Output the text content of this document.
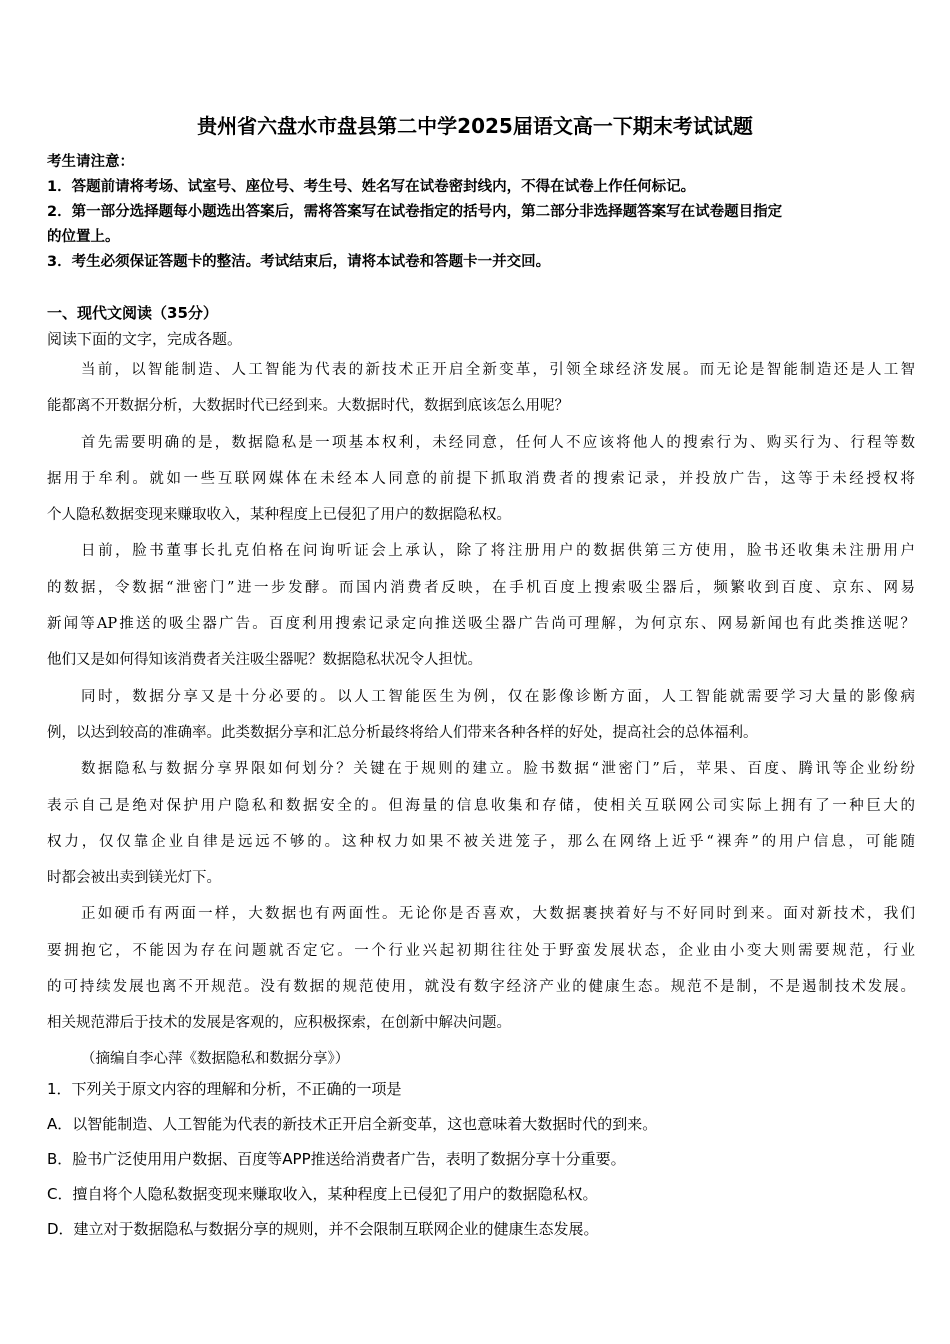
贵州省六盘水市盘县第二中学2025届语文高一下期末考试试题
考生请注意：
1．答题前请将考场、试室号、座位号、考生号、姓名写在试卷密封线内，不得在试卷上作任何标记。
2．第一部分选择题每小题选出答案后，需将答案写在试卷指定的括号内，第二部分非选择题答案写在试卷题目指定
的位置上。
3．考生必须保证答题卡的整洁。考试结束后，请将本试卷和答题卡一并交回。
一、现代文阅读（35分）
阅读下面的文字，完成各题。
当前，以智能制造、人工智能为代表的新技术正开启全新变革，引领全球经济发展。而无论是智能制造还是人工智
能都离不开数据分析，大数据时代已经到来。大数据时代，数据到底该怎么用呢？
首先需要明确的是，数据隐私是一项基本权利，未经同意，任何人不应该将他人的搜索行为、购买行为、行程等数
据用于牟利。就如一些互联网媒体在未经本人同意的前提下抓取消费者的搜索记录，并投放广告，这等于未经授权将
个人隐私数据变现来赚取收入，某种程度上已侵犯了用户的数据隐私权。
日前，脸书董事长扎克伯格在问询听证会上承认，除了将注册用户的数据供第三方使用，脸书还收集未注册用户
的数据，令数据“泄密门”进一步发酵。而国内消费者反映，在手机百度上搜索吸尘器后，频繁收到百度、京东、网易
新闻等AP推送的吸尘器广告。百度利用搜索记录定向推送吸尘器广告尚可理解，为何京东、网易新闻也有此类推送呢？
他们又是如何得知该消费者关注吸尘器呢？数据隐私状况令人担忧。
同时，数据分享又是十分必要的。以人工智能医生为例，仅在影像诊断方面，人工智能就需要学习大量的影像病
例，以达到较高的准确率。此类数据分享和汇总分析最终将给人们带来各种各样的好处，提高社会的总体福利。
数据隐私与数据分享界限如何划分？关键在于规则的建立。脸书数据“泄密门”后，苹果、百度、腾讯等企业纷纷
表示自己是绝对保护用户隐私和数据安全的。但海量的信息收集和存储，使相关互联网公司实际上拥有了一种巨大的
权力，仅仅靠企业自律是远远不够的。这种权力如果不被关进笼子，那么在网络上近乎“裸奔”的用户信息，可能随
时都会被出卖到镁光灯下。
正如硬币有两面一样，大数据也有两面性。无论你是否喜欢，大数据裹挟着好与不好同时到来。面对新技术，我们
要拥抱它，不能因为存在问题就否定它。一个行业兴起初期往往处于野蛮发展状态，企业由小变大则需要规范，行业
的可持续发展也离不开规范。没有数据的规范使用，就没有数字经济产业的健康生态。规范不是制，不是遏制技术发展。
相关规范滞后于技术的发展是客观的，应积极探索，在创新中解决问题。
（摘编自李心萍《数据隐私和数据分享》）
1．下列关于原文内容的理解和分析，不正确的一项是
A．以智能制造、人工智能为代表的新技术正开启全新变革，这也意味着大数据时代的到来。
B．脸书广泛使用用户数据、百度等APP推送给消费者广告，表明了数据分享十分重要。
C．擅自将个人隐私数据变现来赚取收入，某种程度上已侵犯了用户的数据隐私权。
D．建立对于数据隐私与数据分享的规则，并不会限制互联网企业的健康生态发展。
